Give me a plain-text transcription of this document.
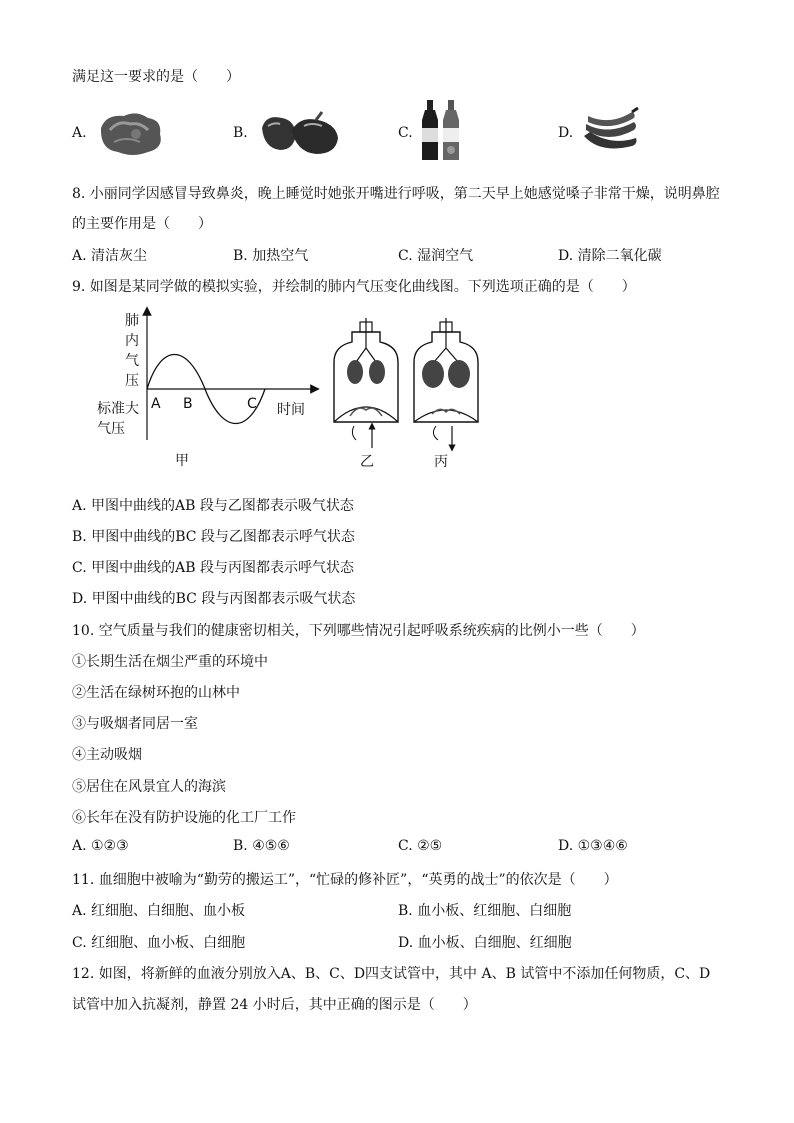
满足这一要求的是（　　）
A.	B.	C.	D.
8. 小丽同学因感冒导致鼻炎，晚上睡觉时她张开嘴进行呼吸，第二天早上她感觉嗓子非常干燥，说明鼻腔
的主要作用是（　　）
A. 清洁灰尘	B. 加热空气	C. 湿润空气	D. 清除二氧化碳
9. 如图是某同学做的模拟实验，并绘制的肺内气压变化曲线图。下列选项正确的是（　　）
肺
内
气
压
标准大
气压
A B	C 时间
甲	乙	丙
A. 甲图中曲线的AB 段与乙图都表示吸气状态
B. 甲图中曲线的BC 段与乙图都表示呼气状态
C. 甲图中曲线的AB 段与丙图都表示呼气状态
D. 甲图中曲线的BC 段与丙图都表示吸气状态
10. 空气质量与我们的健康密切相关，下列哪些情况引起呼吸系统疾病的比例小一些（　　）
①长期生活在烟尘严重的环境中
②生活在绿树环抱的山林中
③与吸烟者同居一室
④主动吸烟
⑤居住在风景宜人的海滨
⑥长年在没有防护设施的化工厂工作
A. ①②③	B. ④⑤⑥	C. ②⑤	D. ①③④⑥
11. 血细胞中被喻为“勤劳的搬运工”，“忙碌的修补匠”，“英勇的战士”的依次是（　　）
A. 红细胞、白细胞、血小板	B. 血小板、红细胞、白细胞
C. 红细胞、血小板、白细胞	D. 血小板、白细胞、红细胞
12. 如图，将新鲜的血液分别放入A、B、C、D四支试管中，其中 A、B 试管中不添加任何物质，C、D
试管中加入抗凝剂，静置 24 小时后，其中正确的图示是（　　）
